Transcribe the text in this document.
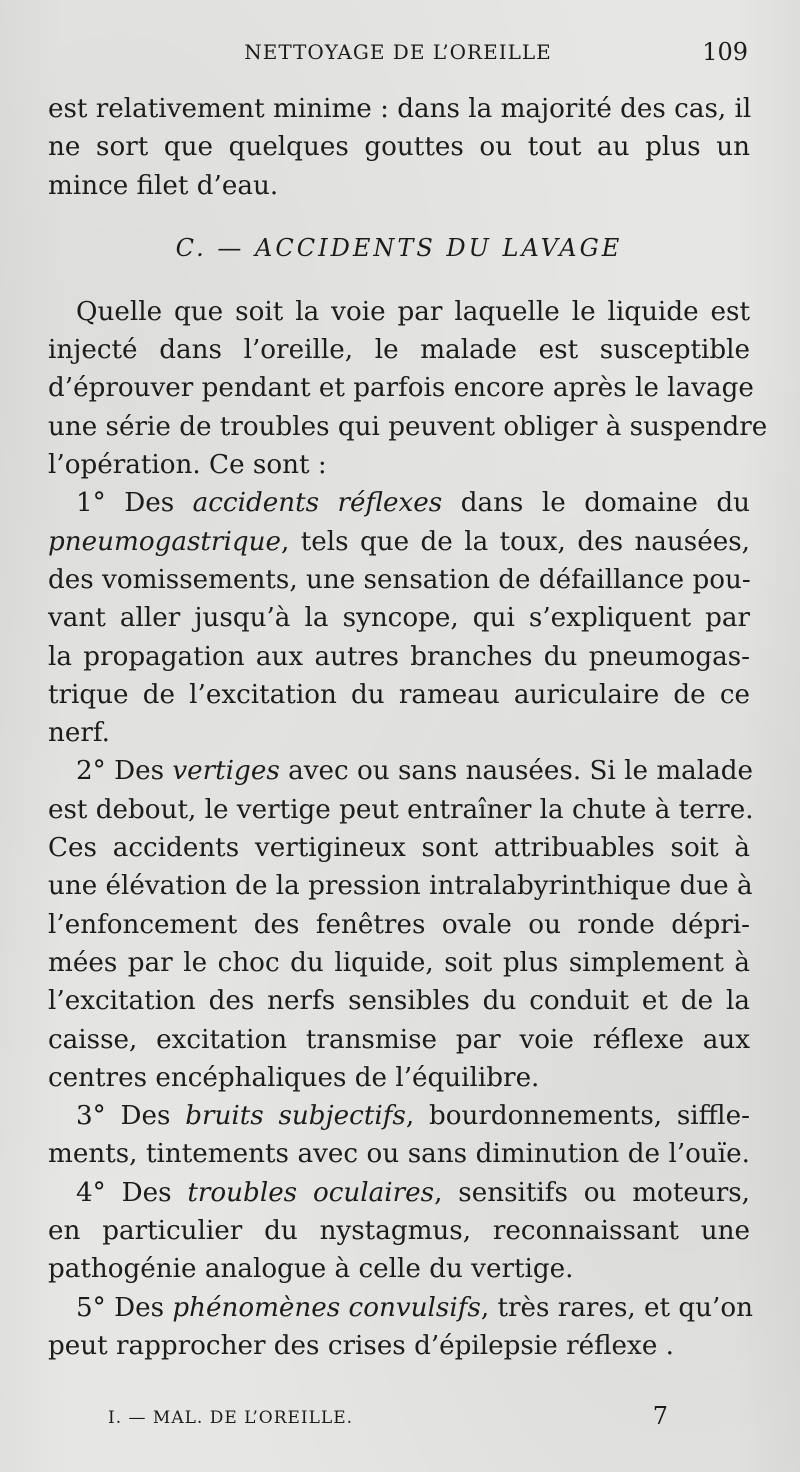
NETTOYAGE DE L’OREILLE	109
est relativement minime : dans la majorité des cas, il
ne sort que quelques gouttes ou tout au plus un
mince filet d’eau.
C. — ACCIDENTS DU LAVAGE
Quelle que soit la voie par laquelle le liquide est
injecté dans l’oreille, le malade est susceptible
d’éprouver pendant et parfois encore après le lavage
une série de troubles qui peuvent obliger à suspendre
l’opération. Ce sont :
1° Des accidents réflexes dans le domaine du
pneumogastrique, tels que de la toux, des nausées,
des vomissements, une sensation de défaillance pou-
vant aller jusqu’à la syncope, qui s’expliquent par
la propagation aux autres branches du pneumogas-
trique de l’excitation du rameau auriculaire de ce
nerf.
2° Des vertiges avec ou sans nausées. Si le malade
est debout, le vertige peut entraîner la chute à terre.
Ces accidents vertigineux sont attribuables soit à
une élévation de la pression intralabyrinthique due à
l’enfoncement des fenêtres ovale ou ronde dépri-
mées par le choc du liquide, soit plus simplement à
l’excitation des nerfs sensibles du conduit et de la
caisse, excitation transmise par voie réflexe aux
centres encéphaliques de l’équilibre.
3° Des bruits subjectifs, bourdonnements, siffle-
ments, tintements avec ou sans diminution de l’ouïe.
4° Des troubles oculaires, sensitifs ou moteurs,
en particulier du nystagmus, reconnaissant une
pathogénie analogue à celle du vertige.
5° Des phénomènes convulsifs, très rares, et qu’on
peut rapprocher des crises d’épilepsie réflexe .
I. — MAL. DE L’OREILLE.	7
